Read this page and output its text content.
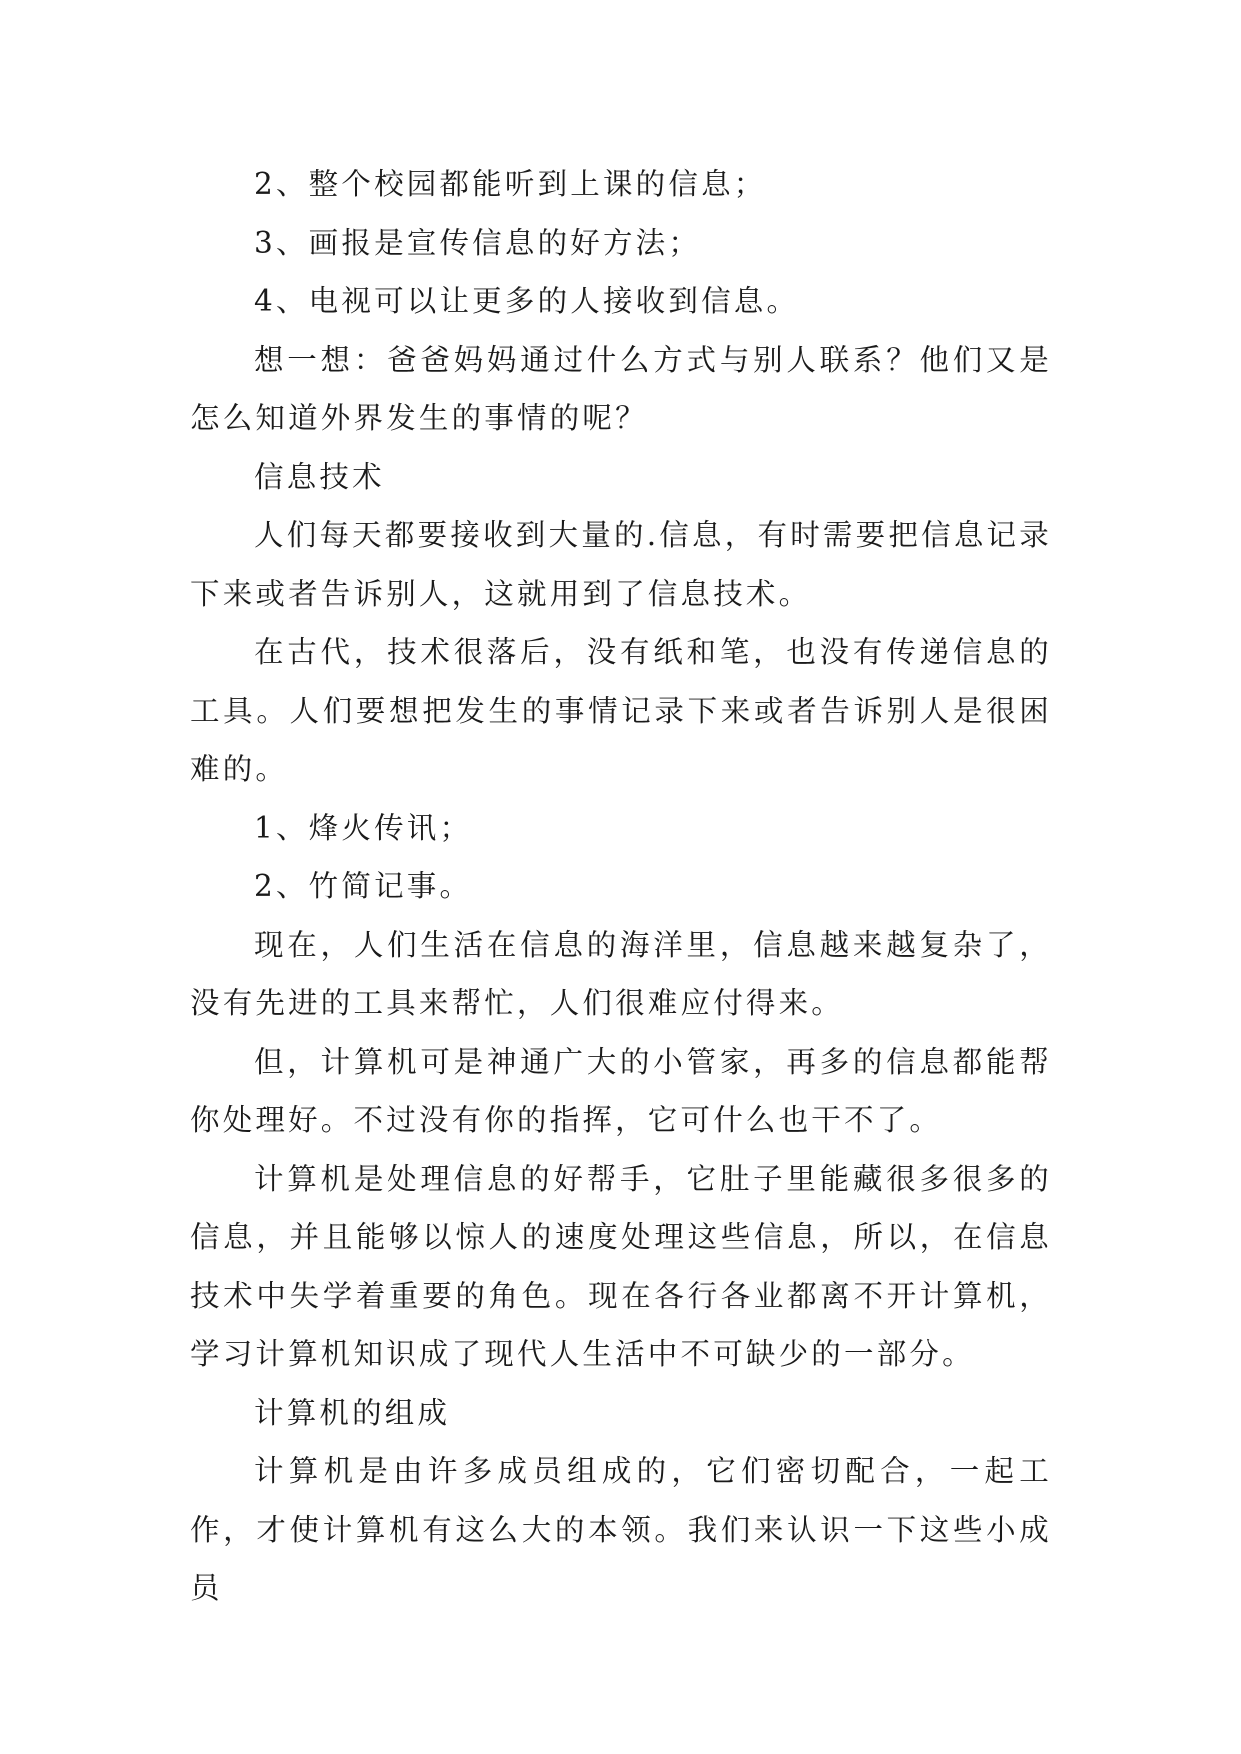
2、整个校园都能听到上课的信息；

3、画报是宣传信息的好方法；

4、电视可以让更多的人接收到信息。

想一想：爸爸妈妈通过什么方式与别人联系？他们又是怎么知道外界发生的事情的呢？

信息技术

人们每天都要接收到大量的.信息，有时需要把信息记录下来或者告诉别人，这就用到了信息技术。

在古代，技术很落后，没有纸和笔，也没有传递信息的工具。人们要想把发生的事情记录下来或者告诉别人是很困难的。

1、烽火传讯；

2、竹简记事。

现在，人们生活在信息的海洋里，信息越来越复杂了，没有先进的工具来帮忙，人们很难应付得来。

但，计算机可是神通广大的小管家，再多的信息都能帮你处理好。不过没有你的指挥，它可什么也干不了。

计算机是处理信息的好帮手，它肚子里能藏很多很多的信息，并且能够以惊人的速度处理这些信息，所以，在信息技术中失学着重要的角色。现在各行各业都离不开计算机，学习计算机知识成了现代人生活中不可缺少的一部分。

计算机的组成

计算机是由许多成员组成的，它们密切配合，一起工作，才使计算机有这么大的本领。我们来认识一下这些小成员
